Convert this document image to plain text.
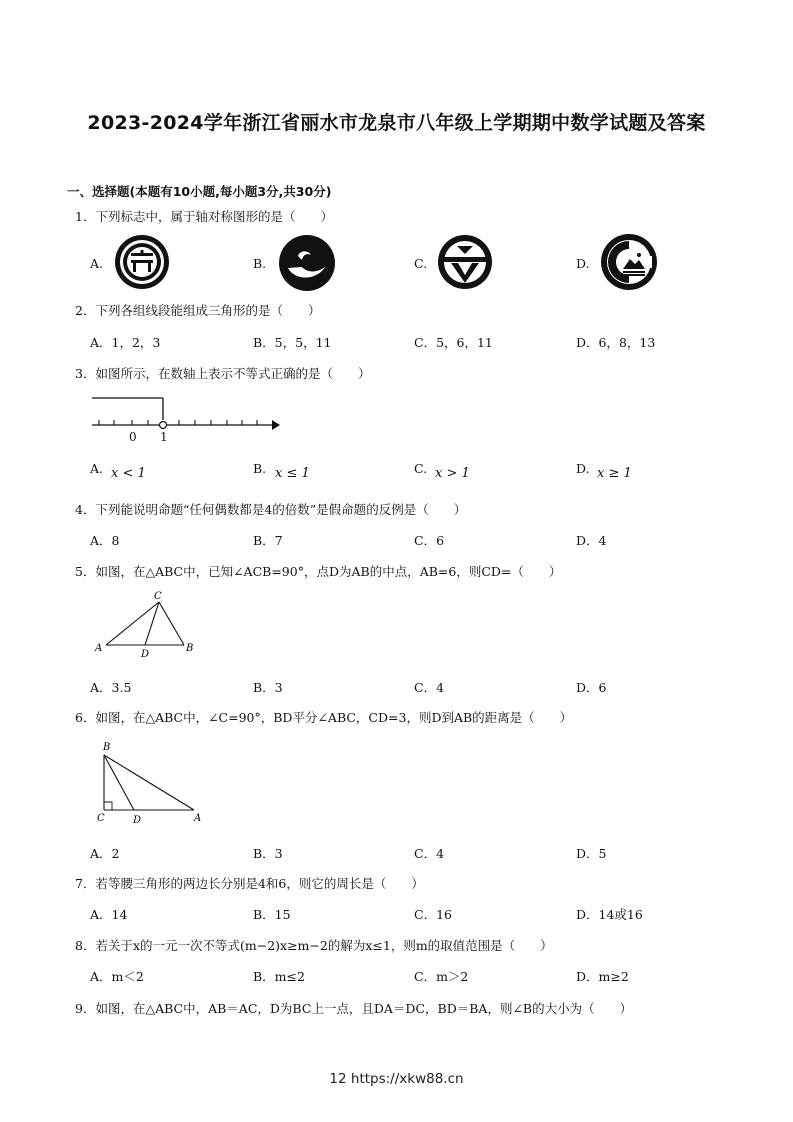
2023-2024学年浙江省丽水市龙泉市八年级上学期期中数学试题及答案
一、选择题(本题有10小题,每小题3分,共30分)
1．下列标志中，属于轴对称图形的是（　　）
A.	B.	C.	D.
2．下列各组线段能组成三角形的是（　　）
A．1，2，3	B．5，5，11	C．5，6，11	D．6，8，13
3．如图所示，在数轴上表示不等式正确的是（　　）
0 1
A. x < 1	B. x ≤ 1	C. x > 1	D. x ≥ 1
4．下列能说明命题“任何偶数都是4的倍数”是假命题的反例是（　　）
A．8	B．7	C．6	D．4
5．如图，在△ABC中，已知∠ACB=90°，点D为AB的中点，AB=6，则CD=（　　）
C
A
D
B
A．3.5	B．3	C．4	D．6
6．如图，在△ABC中，∠C=90°，BD平分∠ABC，CD=3，则D到AB的距离是（　　）
B
C	D	A
A．2	B．3	C．4	D．5
7．若等腰三角形的两边长分别是4和6，则它的周长是（　　）
A．14	B．15	C．16	D．14或16
8．若关于x的一元一次不等式(m−2)x≥m−2的解为x≤1，则m的取值范围是（　　）
A．m＜2	B．m≤2	C．m＞2	D．m≥2
9．如图，在△ABC中，AB＝AC，D为BC上一点，且DA＝DC，BD＝BA，则∠B的大小为（　　）
12 https://xkw88.cn
